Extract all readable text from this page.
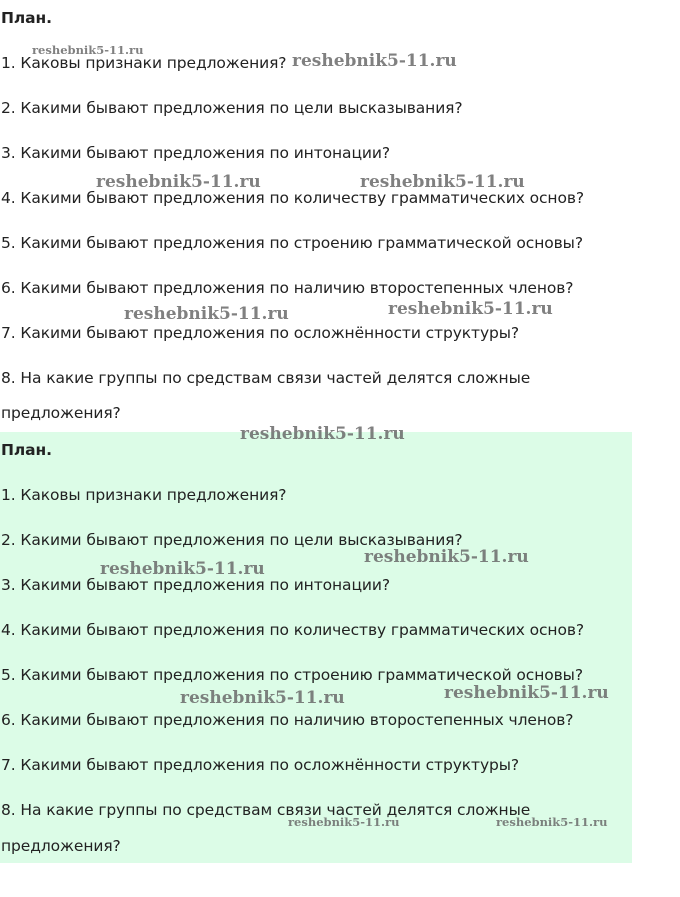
План.

1. Каковы признаки предложения?

2. Какими бывают предложения по цели высказывания?

3. Какими бывают предложения по интонации?

4. Какими бывают предложения по количеству грамматических основ?

5. Какими бывают предложения по строению грамматической основы?

6. Какими бывают предложения по наличию второстепенных членов?

7. Какими бывают предложения по осложнённости структуры?

8. На какие группы по средствам связи частей делятся сложные

предложения?

План.

1. Каковы признаки предложения?

2. Какими бывают предложения по цели высказывания?

3. Какими бывают предложения по интонации?

4. Какими бывают предложения по количеству грамматических основ?

5. Какими бывают предложения по строению грамматической основы?

6. Какими бывают предложения по наличию второстепенных членов?

7. Какими бывают предложения по осложнённости структуры?

8. На какие группы по средствам связи частей делятся сложные

предложения?

reshebnik5-11.ru
reshebnik5-11.ru
reshebnik5-11.ru	reshebnik5-11.ru
reshebnik5-11.ru	reshebnik5-11.ru
reshebnik5-11.ru
reshebnik5-11.ru
reshebnik5-11.ru
reshebnik5-11.ru	reshebnik5-11.ru
reshebnik5-11.ru	reshebnik5-11.ru
